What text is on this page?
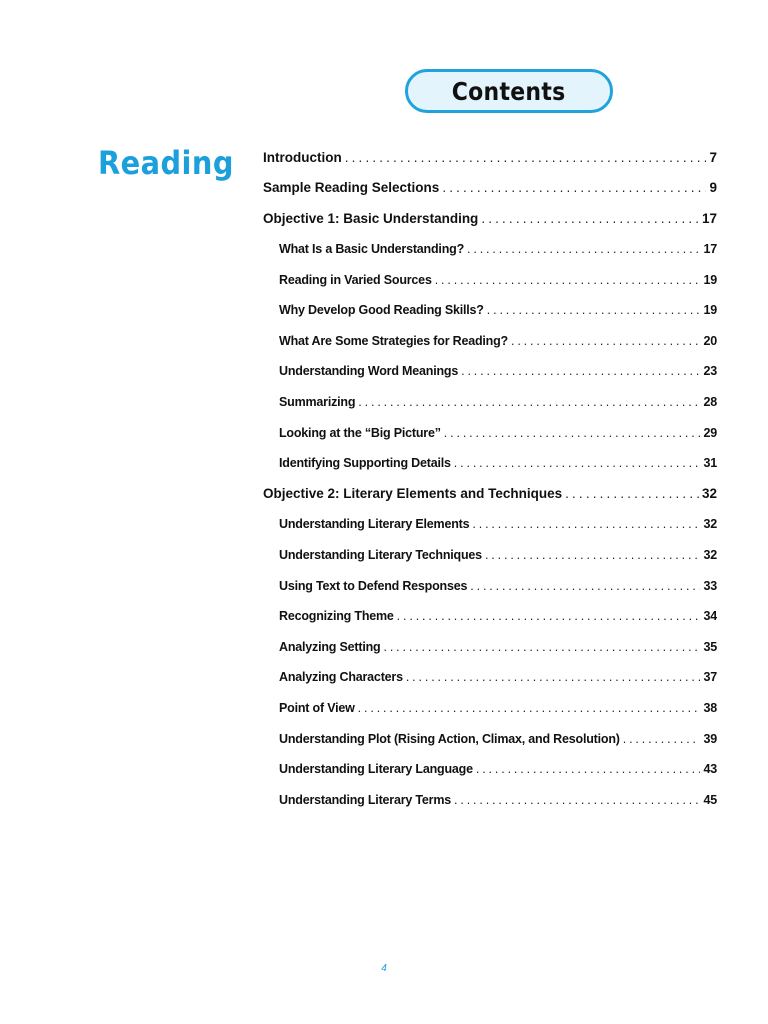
Contents
Reading Introduction . . .	7
Sample Reading Selections . . .	9
Objective 1: Basic Understanding . . .	17
What Is a Basic Understanding? . . .	17
Reading in Varied Sources . . .	19
Why Develop Good Reading Skills? . . .	19
What Are Some Strategies for Reading? . . .	20
Understanding Word Meanings . . .	23
Summarizing . . .	28
Looking at the “Big Picture” . . .	29
Identifying Supporting Details . . .	31
Objective 2: Literary Elements and Techniques . . .	32
Understanding Literary Elements . . .	32
Understanding Literary Techniques . . .	32
Using Text to Defend Responses . . .	33
Recognizing Theme . . .	34
Analyzing Setting . . .	35
Analyzing Characters . . .	37
Point of View . . .	38
Understanding Plot (Rising Action, Climax, and Resolution) . . .	39
Understanding Literary Language . . .	43
Understanding Literary Terms . . .	45
4
